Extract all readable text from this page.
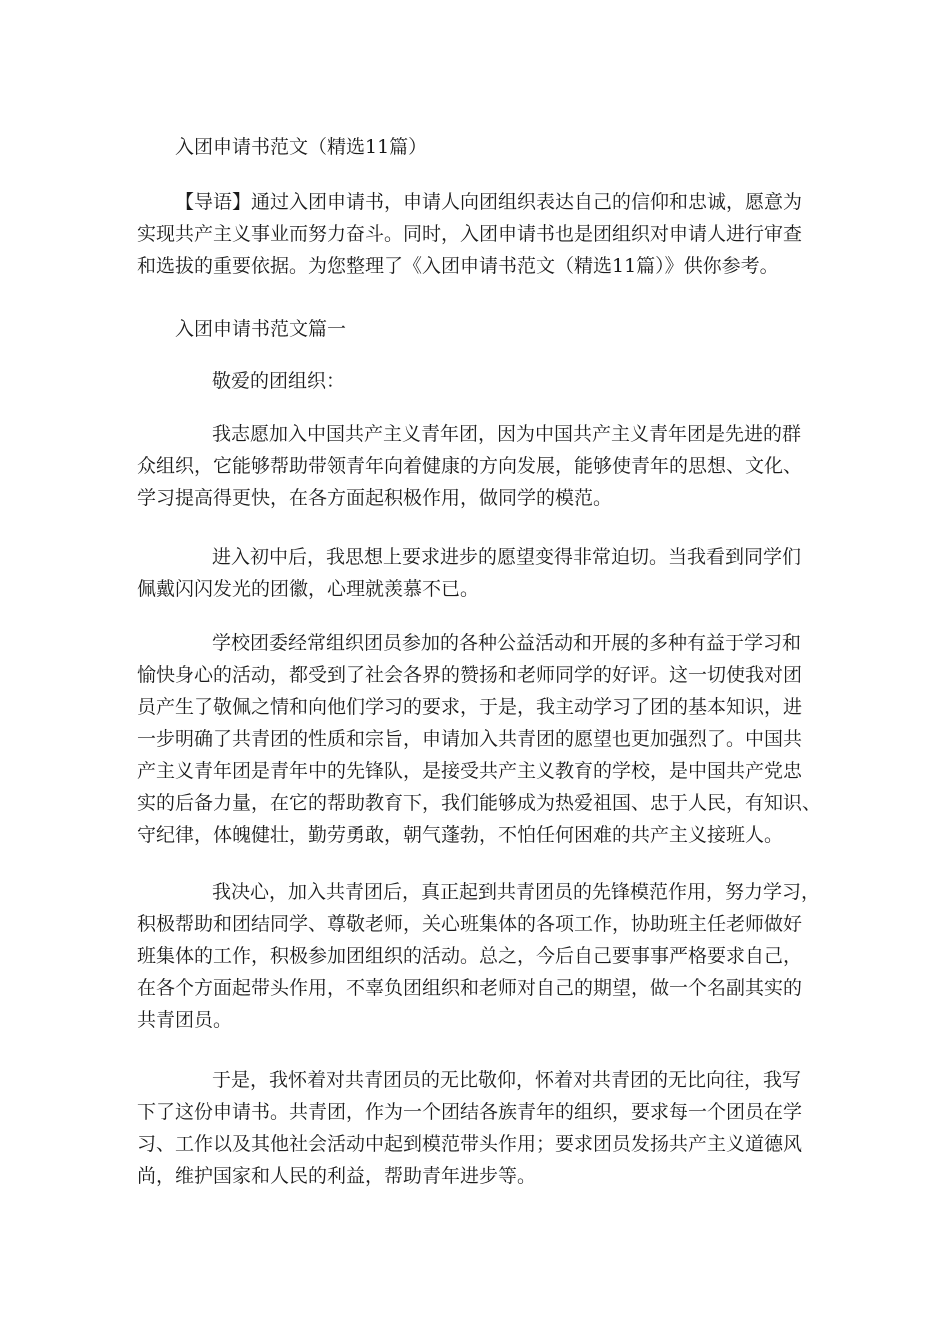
入团申请书范文（精选11篇）

【导语】通过入团申请书，申请人向团组织表达自己的信仰和忠诚，愿意为
实现共产主义事业而努力奋斗。同时，入团申请书也是团组织对申请人进行审查
和选拔的重要依据。为您整理了《入团申请书范文（精选11篇）》供你参考。

入团申请书范文篇一

敬爱的团组织：

我志愿加入中国共产主义青年团，因为中国共产主义青年团是先进的群
众组织，它能够帮助带领青年向着健康的方向发展，能够使青年的思想、文化、
学习提高得更快，在各方面起积极作用，做同学的模范。
进入初中后，我思想上要求进步的愿望变得非常迫切。当我看到同学们
佩戴闪闪发光的团徽，心理就羡慕不已。
学校团委经常组织团员参加的各种公益活动和开展的多种有益于学习和
愉快身心的活动，都受到了社会各界的赞扬和老师同学的好评。这一切使我对团
员产生了敬佩之情和向他们学习的要求，于是，我主动学习了团的基本知识，进
一步明确了共青团的性质和宗旨，申请加入共青团的愿望也更加强烈了。中国共
产主义青年团是青年中的先锋队，是接受共产主义教育的学校，是中国共产党忠
实的后备力量，在它的帮助教育下，我们能够成为热爱祖国、忠于人民，有知识、
守纪律，体魄健壮，勤劳勇敢，朝气蓬勃，不怕任何困难的共产主义接班人。
我决心，加入共青团后，真正起到共青团员的先锋模范作用，努力学习，
积极帮助和团结同学、尊敬老师，关心班集体的各项工作，协助班主任老师做好
班集体的工作，积极参加团组织的活动。总之，今后自己要事事严格要求自己，
在各个方面起带头作用，不辜负团组织和老师对自己的期望，做一个名副其实的
共青团员。
于是，我怀着对共青团员的无比敬仰，怀着对共青团的无比向往，我写
下了这份申请书。共青团，作为一个团结各族青年的组织，要求每一个团员在学
习、工作以及其他社会活动中起到模范带头作用；要求团员发扬共产主义道德风
尚，维护国家和人民的利益，帮助青年进步等。
